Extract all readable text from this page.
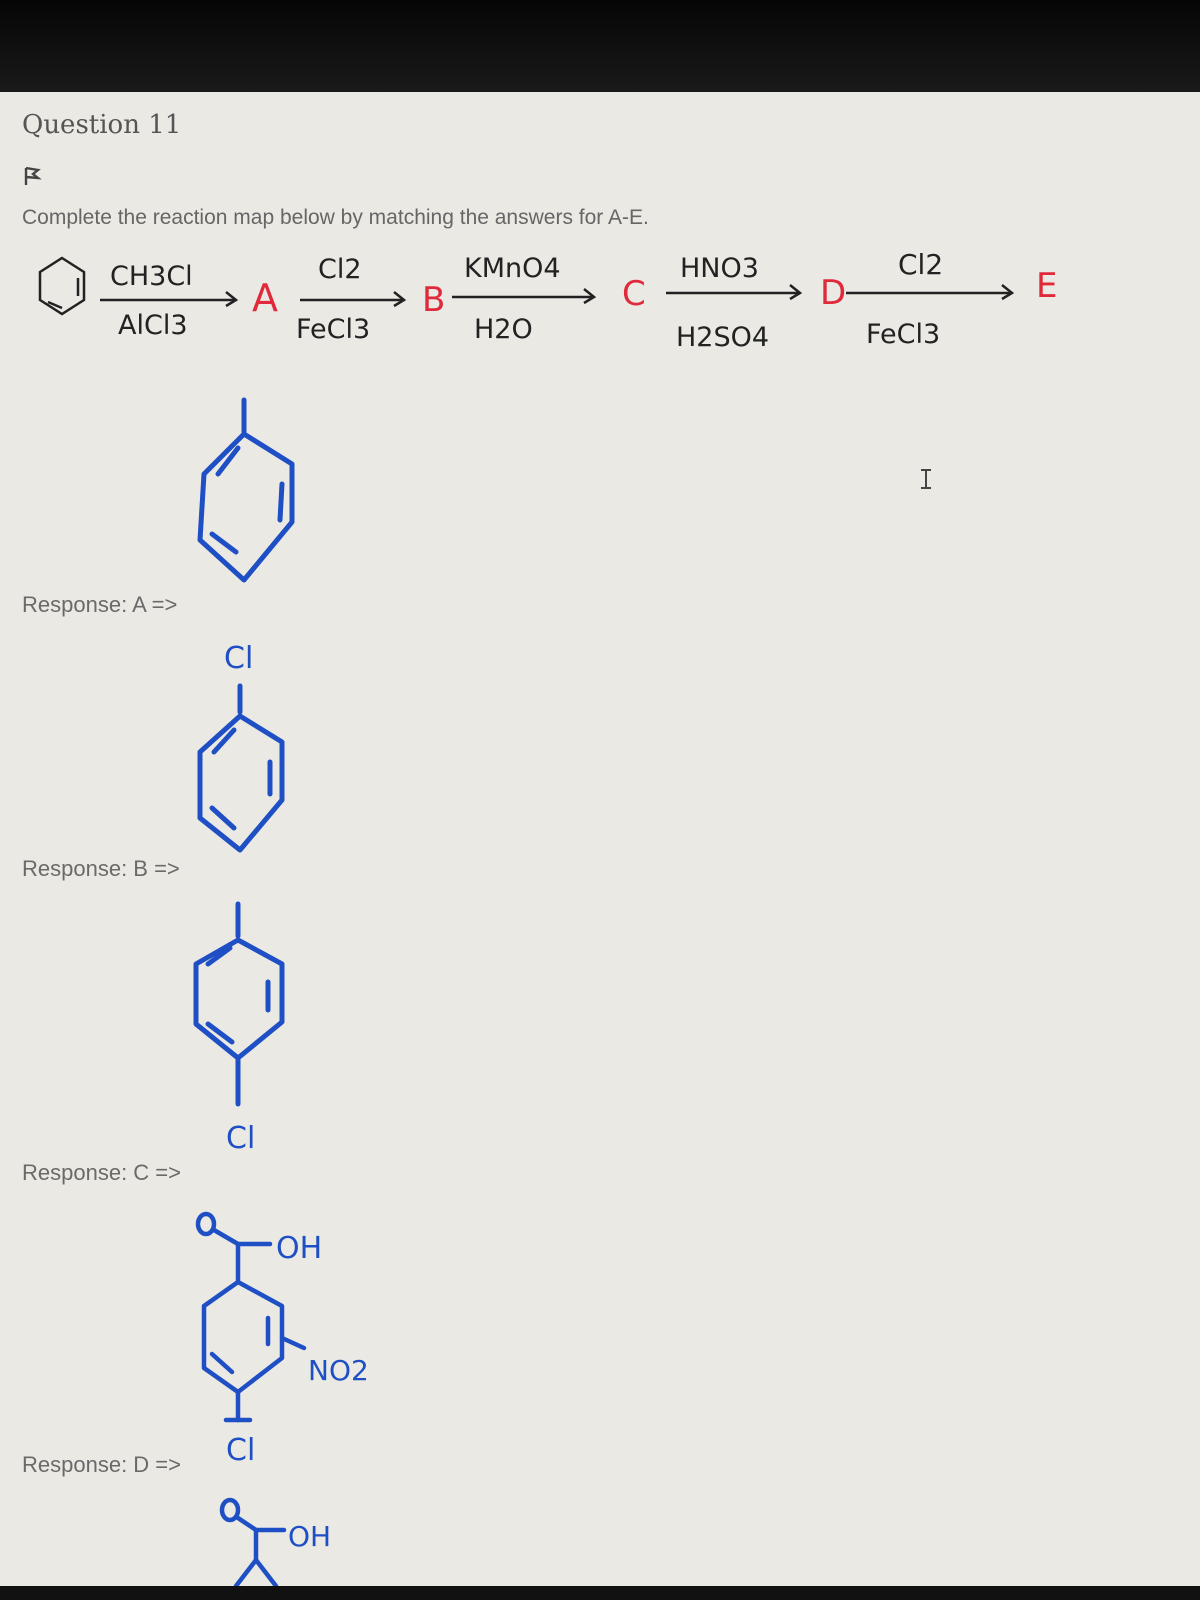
Question 11
Complete the reaction map below by matching the answers for A-E.
Response: A =>
Response: B =>
Response: C =>
Response: D =>
CH3Cl
AlCl3
A
Cl2
FeCl3
B
KMnO4
H2O
C
HNO3
H2SO4
D
Cl2
FeCl3
E
Cl
Cl
OH
NO2
Cl
OH
